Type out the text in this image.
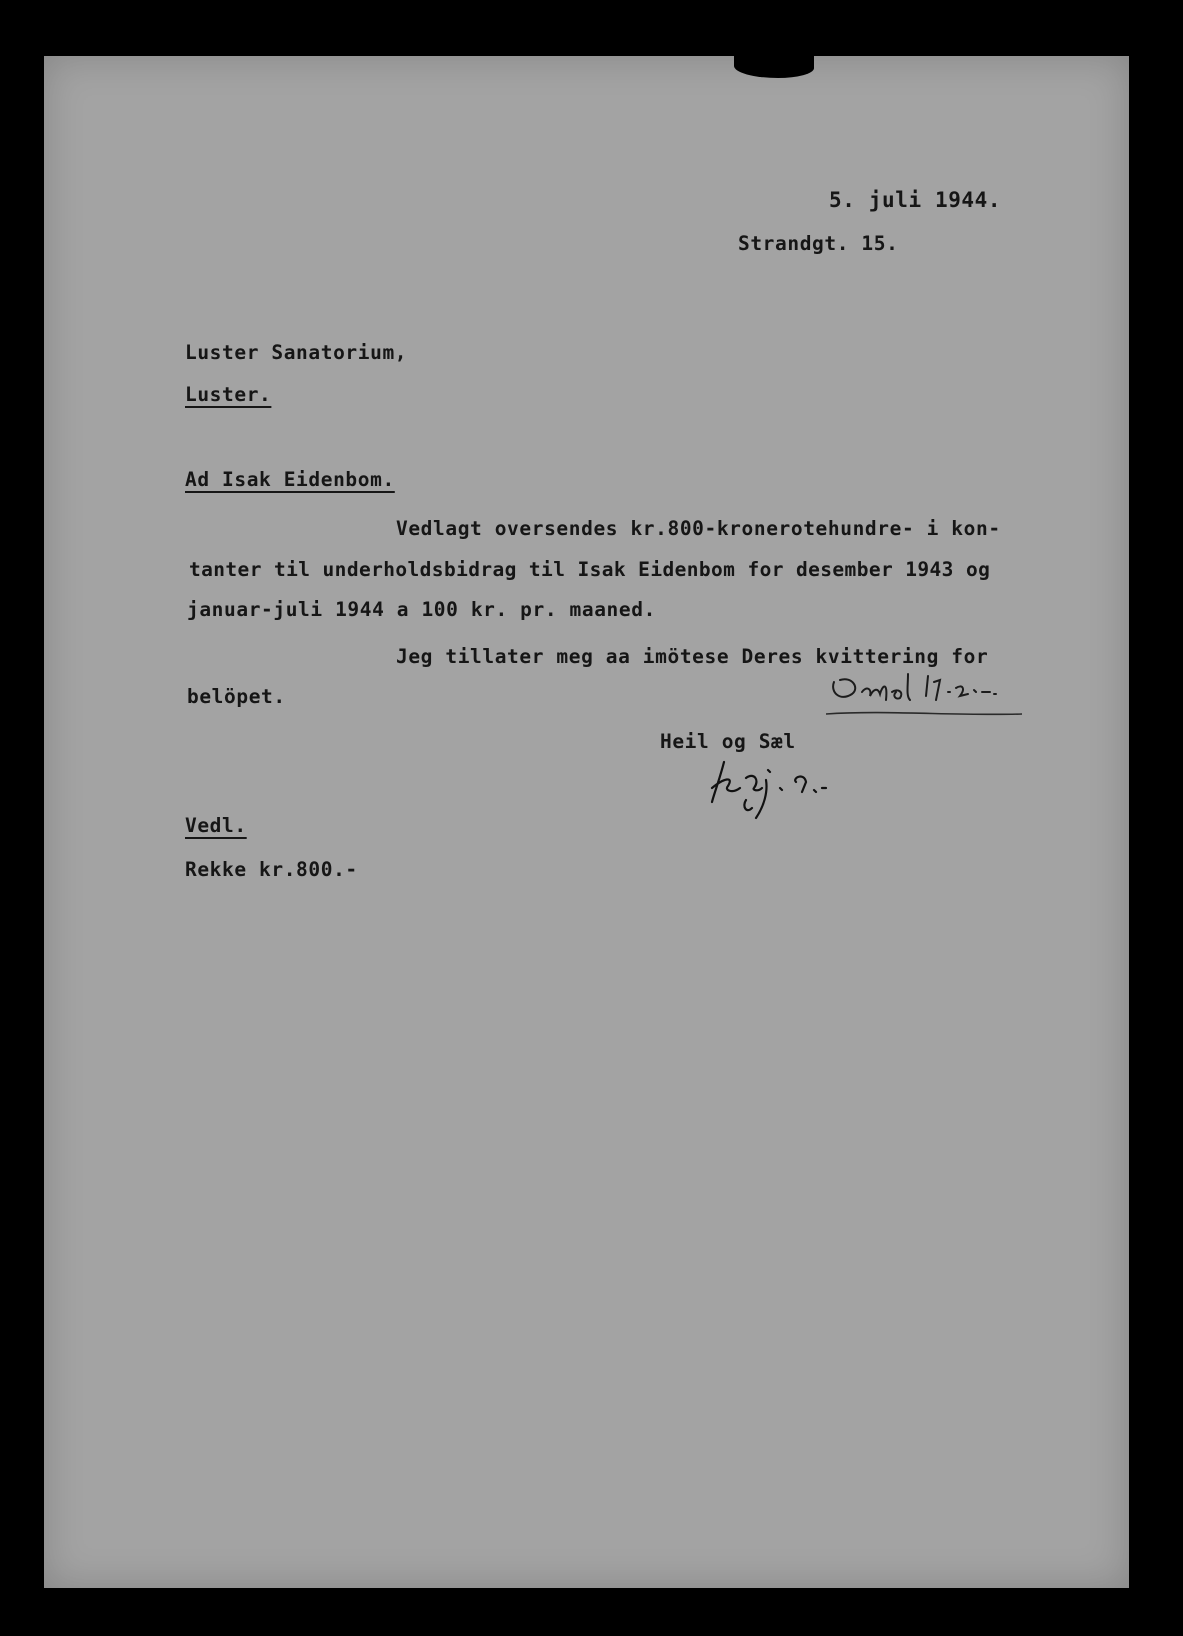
5. juli 1944.
Strandgt. 15.
Luster Sanatorium,
Luster.
Ad Isak Eidenbom.
Vedlagt oversendes kr.800-kronerotehundre- i kon-
tanter til underholdsbidrag til Isak Eidenbom for desember 1943 og
januar-juli 1944 a 100 kr. pr. maaned.
Jeg tillater meg aa imötese Deres kvittering for
belöpet.
Heil og Sæl
Vedl.
Rekke kr.800.-
